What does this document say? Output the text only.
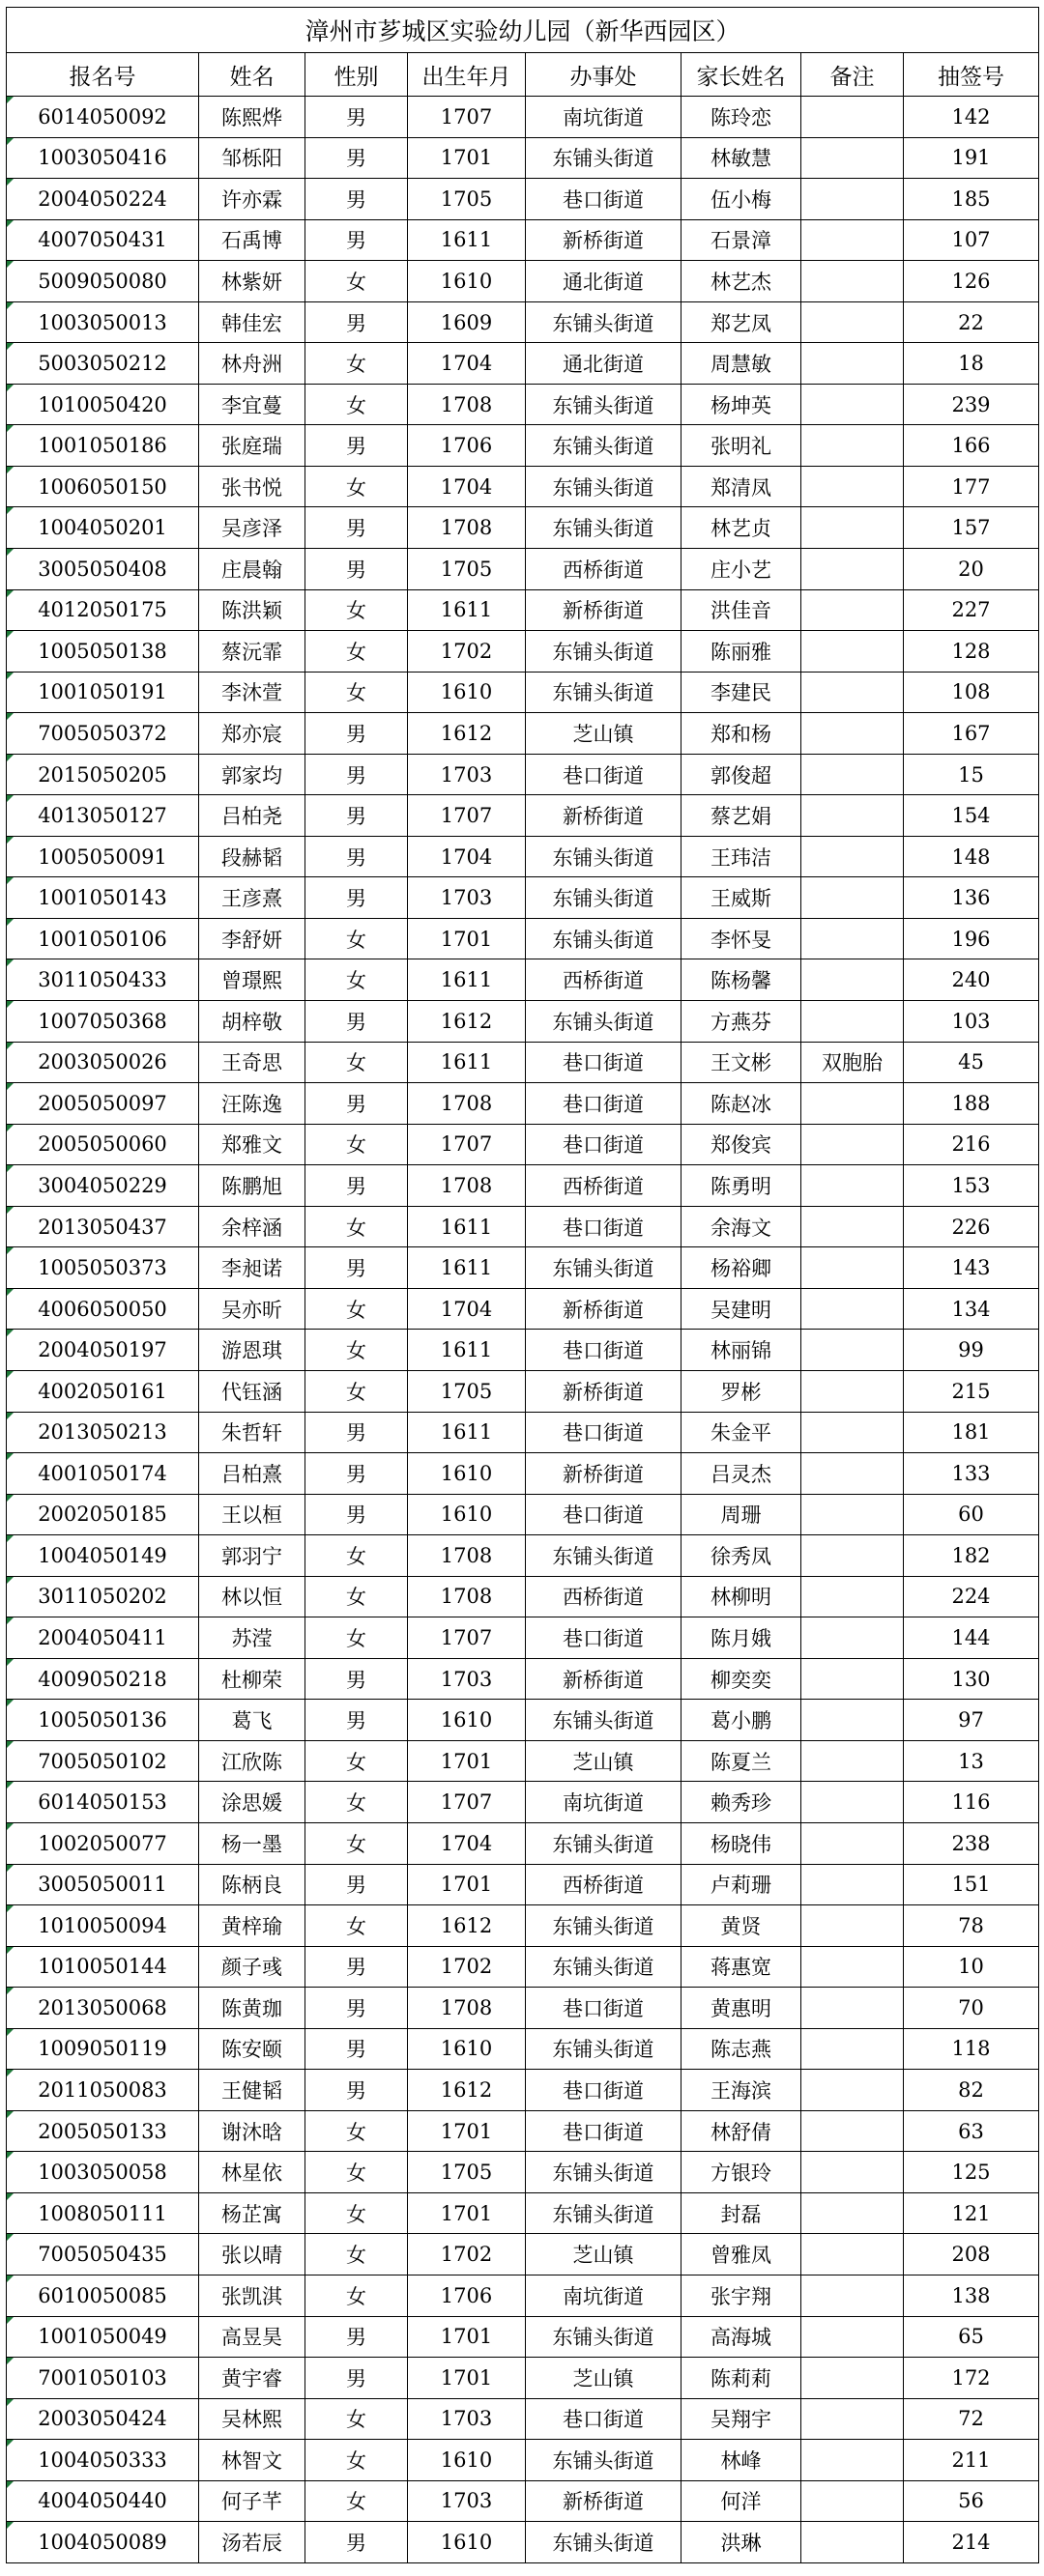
漳州市芗城区实验幼儿园（新华西园区）							
报名号	姓名	性别	出生年月	办事处	家长姓名	备注	抽签号
6014050092	陈熙烨	男	1707	南坑街道	陈玲恋		142
1003050416	邹栎阳	男	1701	东铺头街道	林敏慧		191
2004050224	许亦霖	男	1705	巷口街道	伍小梅		185
4007050431	石禹博	男	1611	新桥街道	石景漳		107
5009050080	林紫妍	女	1610	通北街道	林艺杰		126
1003050013	韩佳宏	男	1609	东铺头街道	郑艺凤		22
5003050212	林舟洲	女	1704	通北街道	周慧敏		18
1010050420	李宜蔓	女	1708	东铺头街道	杨坤英		239
1001050186	张庭瑞	男	1706	东铺头街道	张明礼		166
1006050150	张书悦	女	1704	东铺头街道	郑清凤		177
1004050201	吴彦泽	男	1708	东铺头街道	林艺贞		157
3005050408	庄晨翰	男	1705	西桥街道	庄小艺		20
4012050175	陈洪颖	女	1611	新桥街道	洪佳音		227
1005050138	蔡沅霏	女	1702	东铺头街道	陈丽雅		128
1001050191	李沐萱	女	1610	东铺头街道	李建民		108
7005050372	郑亦宸	男	1612	芝山镇	郑和杨		167
2015050205	郭家均	男	1703	巷口街道	郭俊超		15
4013050127	吕柏尧	男	1707	新桥街道	蔡艺娟		154
1005050091	段赫韬	男	1704	东铺头街道	王玮洁		148
1001050143	王彦熹	男	1703	东铺头街道	王威斯		136
1001050106	李舒妍	女	1701	东铺头街道	李怀旻		196
3011050433	曾璟熙	女	1611	西桥街道	陈杨馨		240
1007050368	胡梓敬	男	1612	东铺头街道	方燕芬		103
2003050026	王奇思	女	1611	巷口街道	王文彬	双胞胎	45
2005050097	汪陈逸	男	1708	巷口街道	陈赵冰		188
2005050060	郑雅文	女	1707	巷口街道	郑俊宾		216
3004050229	陈鹏旭	男	1708	西桥街道	陈勇明		153
2013050437	余梓涵	女	1611	巷口街道	余海文		226
1005050373	李昶诺	男	1611	东铺头街道	杨裕卿		143
4006050050	吴亦昕	女	1704	新桥街道	吴建明		134
2004050197	游恩琪	女	1611	巷口街道	林丽锦		99
4002050161	代钰涵	女	1705	新桥街道	罗彬		215
2013050213	朱哲轩	男	1611	巷口街道	朱金平		181
4001050174	吕柏熹	男	1610	新桥街道	吕灵杰		133
2002050185	王以桓	男	1610	巷口街道	周珊		60
1004050149	郭羽宁	女	1708	东铺头街道	徐秀凤		182
3011050202	林以恒	女	1708	西桥街道	林柳明		224
2004050411	苏滢	女	1707	巷口街道	陈月娥		144
4009050218	杜柳荣	男	1703	新桥街道	柳奕奕		130
1005050136	葛飞	男	1610	东铺头街道	葛小鹏		97
7005050102	江欣陈	女	1701	芝山镇	陈夏兰		13
6014050153	涂思媛	女	1707	南坑街道	赖秀珍		116
1002050077	杨一墨	女	1704	东铺头街道	杨晓伟		238
3005050011	陈柄良	男	1701	西桥街道	卢莉珊		151
1010050094	黄梓瑜	女	1612	东铺头街道	黄贤		78
1010050144	颜子彧	男	1702	东铺头街道	蒋惠宽		10
2013050068	陈黄珈	男	1708	巷口街道	黄惠明		70
1009050119	陈安颐	男	1610	东铺头街道	陈志燕		118
2011050083	王健韬	男	1612	巷口街道	王海滨		82
2005050133	谢沐晗	女	1701	巷口街道	林舒倩		63
1003050058	林星依	女	1705	东铺头街道	方银玲		125
1008050111	杨芷寓	女	1701	东铺头街道	封磊		121
7005050435	张以晴	女	1702	芝山镇	曾雅凤		208
6010050085	张凯淇	女	1706	南坑街道	张宇翔		138
1001050049	高昱昊	男	1701	东铺头街道	高海城		65
7001050103	黄宇睿	男	1701	芝山镇	陈莉莉		172
2003050424	吴林熙	女	1703	巷口街道	吴翔宇		72
1004050333	林智文	女	1610	东铺头街道	林峰		211
4004050440	何子芊	女	1703	新桥街道	何洋		56
1004050089	汤若辰	男	1610	东铺头街道	洪琳		214
